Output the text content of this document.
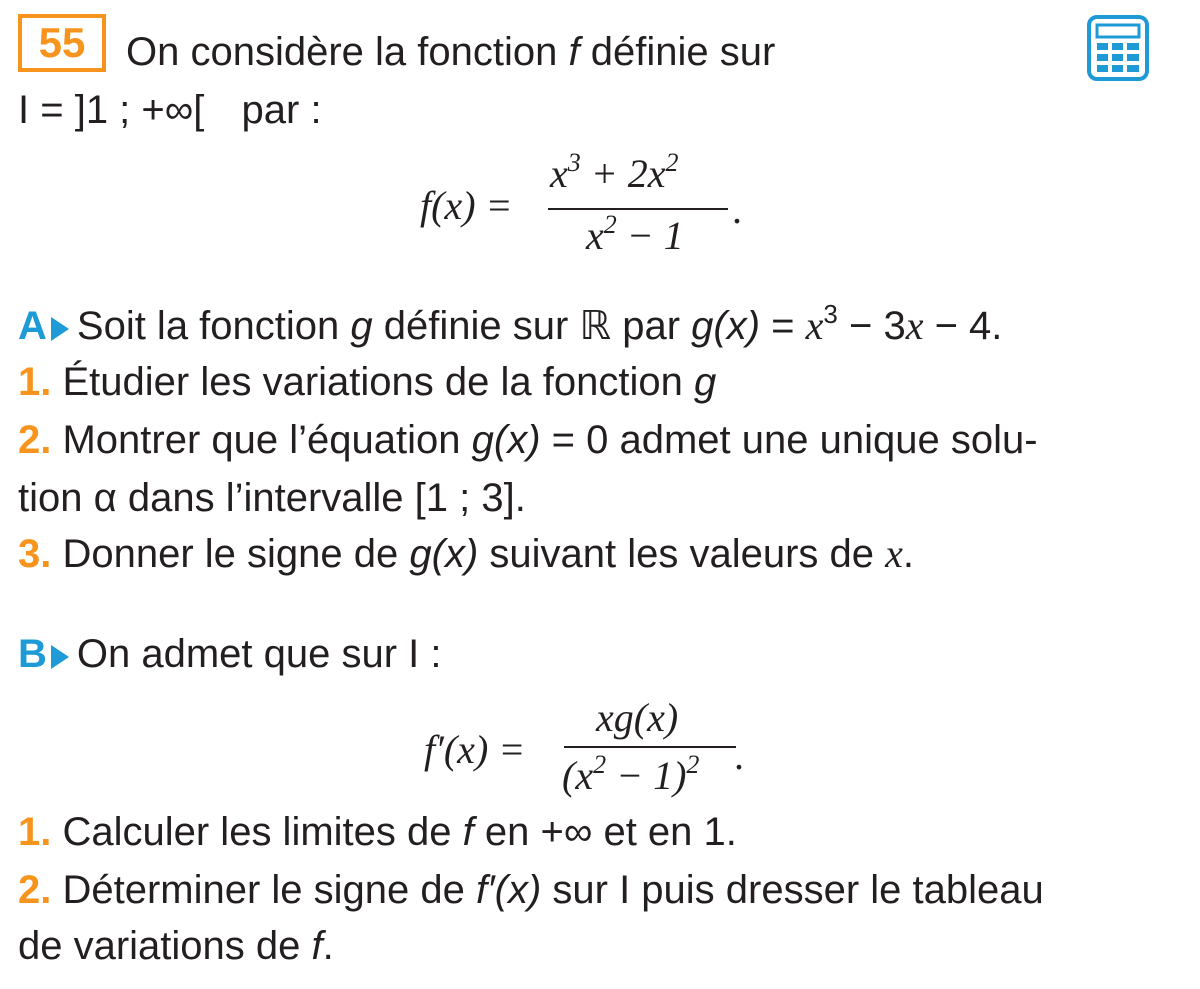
55	On considère la fonction f définie sur
I = ]1 ; +∞[ par :
f(x) =
$x^3 + 2x^2$
$x^2 - 1$
.
A Soit la fonction g définie sur ℝ par $g(x) = x^3 - 3x - 4$.
1. Étudier les variations de la fonction g
2. Montrer que l’équation g(x) = 0 admet une unique solu-
tion α dans l’intervalle [1 ; 3].
3. Donner le signe de g(x) suivant les valeurs de x.
B On admet que sur I :
f′(x) =
xg(x)
$(x^2 - 1)^2$ .
1. Calculer les limites de f en +∞ et en 1.
2. Déterminer le signe de f′(x) sur I puis dresser le tableau
de variations de f.
